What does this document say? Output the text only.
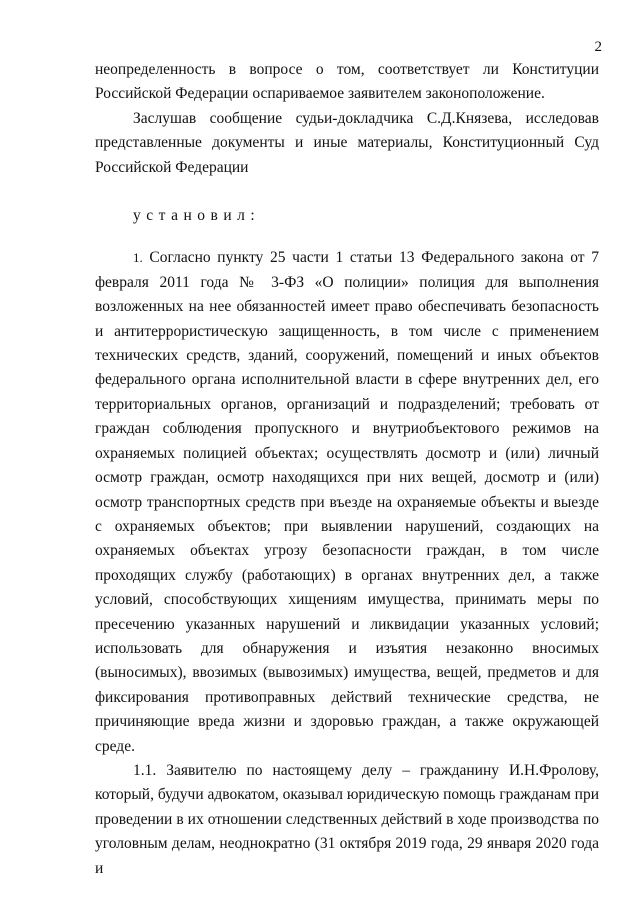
2

неопределенность в вопросе о том, соответствует ли Конституции Российской Федерации оспариваемое заявителем законоположение.

Заслушав сообщение судьи-докладчика С.Д.Князева, исследовав представленные документы и иные материалы, Конституционный Суд Российской Федерации

установил:

1. Согласно пункту 25 части 1 статьи 13 Федерального закона от 7 февраля 2011 года № 3-ФЗ «О полиции» полиция для выполнения возложенных на нее обязанностей имеет право обеспечивать безопасность и антитеррористическую защищенность, в том числе с применением технических средств, зданий, сооружений, помещений и иных объектов федерального органа исполнительной власти в сфере внутренних дел, его территориальных органов, организаций и подразделений; требовать от граждан соблюдения пропускного и внутриобъектового режимов на охраняемых полицией объектах; осуществлять досмотр и (или) личный осмотр граждан, осмотр находящихся при них вещей, досмотр и (или) осмотр транспортных средств при въезде на охраняемые объекты и выезде с охраняемых объектов; при выявлении нарушений, создающих на охраняемых объектах угрозу безопасности граждан, в том числе проходящих службу (работающих) в органах внутренних дел, а также условий, способствующих хищениям имущества, принимать меры по пресечению указанных нарушений и ликвидации указанных условий; использовать для обнаружения и изъятия незаконно вносимых (выносимых), ввозимых (вывозимых) имущества, вещей, предметов и для фиксирования противоправных действий технические средства, не причиняющие вреда жизни и здоровью граждан, а также окружающей среде.

1.1. Заявителю по настоящему делу – гражданину И.Н.Фролову, который, будучи адвокатом, оказывал юридическую помощь гражданам при проведении в их отношении следственных действий в ходе производства по уголовным делам, неоднократно (31 октября 2019 года, 29 января 2020 года и
